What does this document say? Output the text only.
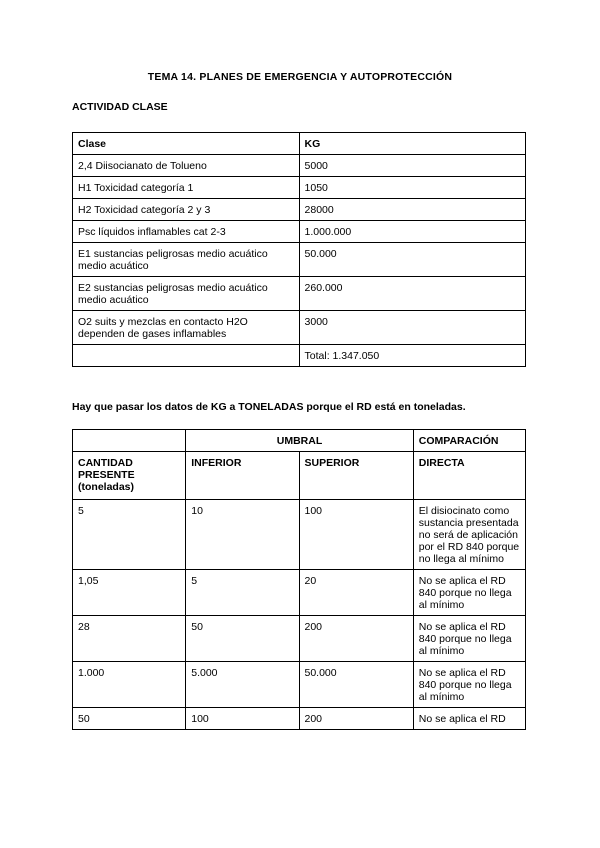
TEMA 14. PLANES DE EMERGENCIA Y AUTOPROTECCIÓN
ACTIVIDAD CLASE
Clase	KG
2,4 Diisocianato de Tolueno	5000
H1 Toxicidad categoría 1	1050
H2 Toxicidad categoría 2 y 3	28000
Psc líquidos inflamables cat 2-3	1.000.000
E1 sustancias peligrosas medio acuático medio acuático	50.000
E2 sustancias peligrosas medio acuático medio acuático	260.000
O2 suits y mezclas en contacto H2O dependen de gases inflamables	3000
	Total: 1.347.050
Hay que pasar los datos de KG a TONELADAS porque el RD está en toneladas.
	UMBRAL		COMPARACIÓN
CANTIDAD PRESENTE (toneladas)	INFERIOR	SUPERIOR	DIRECTA
5	10	100	El disiocinato como sustancia presentada no será de aplicación por el RD 840 porque no llega al mínimo
1,05	5	20	No se aplica el RD 840 porque no llega al mínimo
28	50	200	No se aplica el RD 840 porque no llega al mínimo
1.000	5.000	50.000	No se aplica el RD 840 porque no llega al mínimo
50	100	200	No se aplica el RD
